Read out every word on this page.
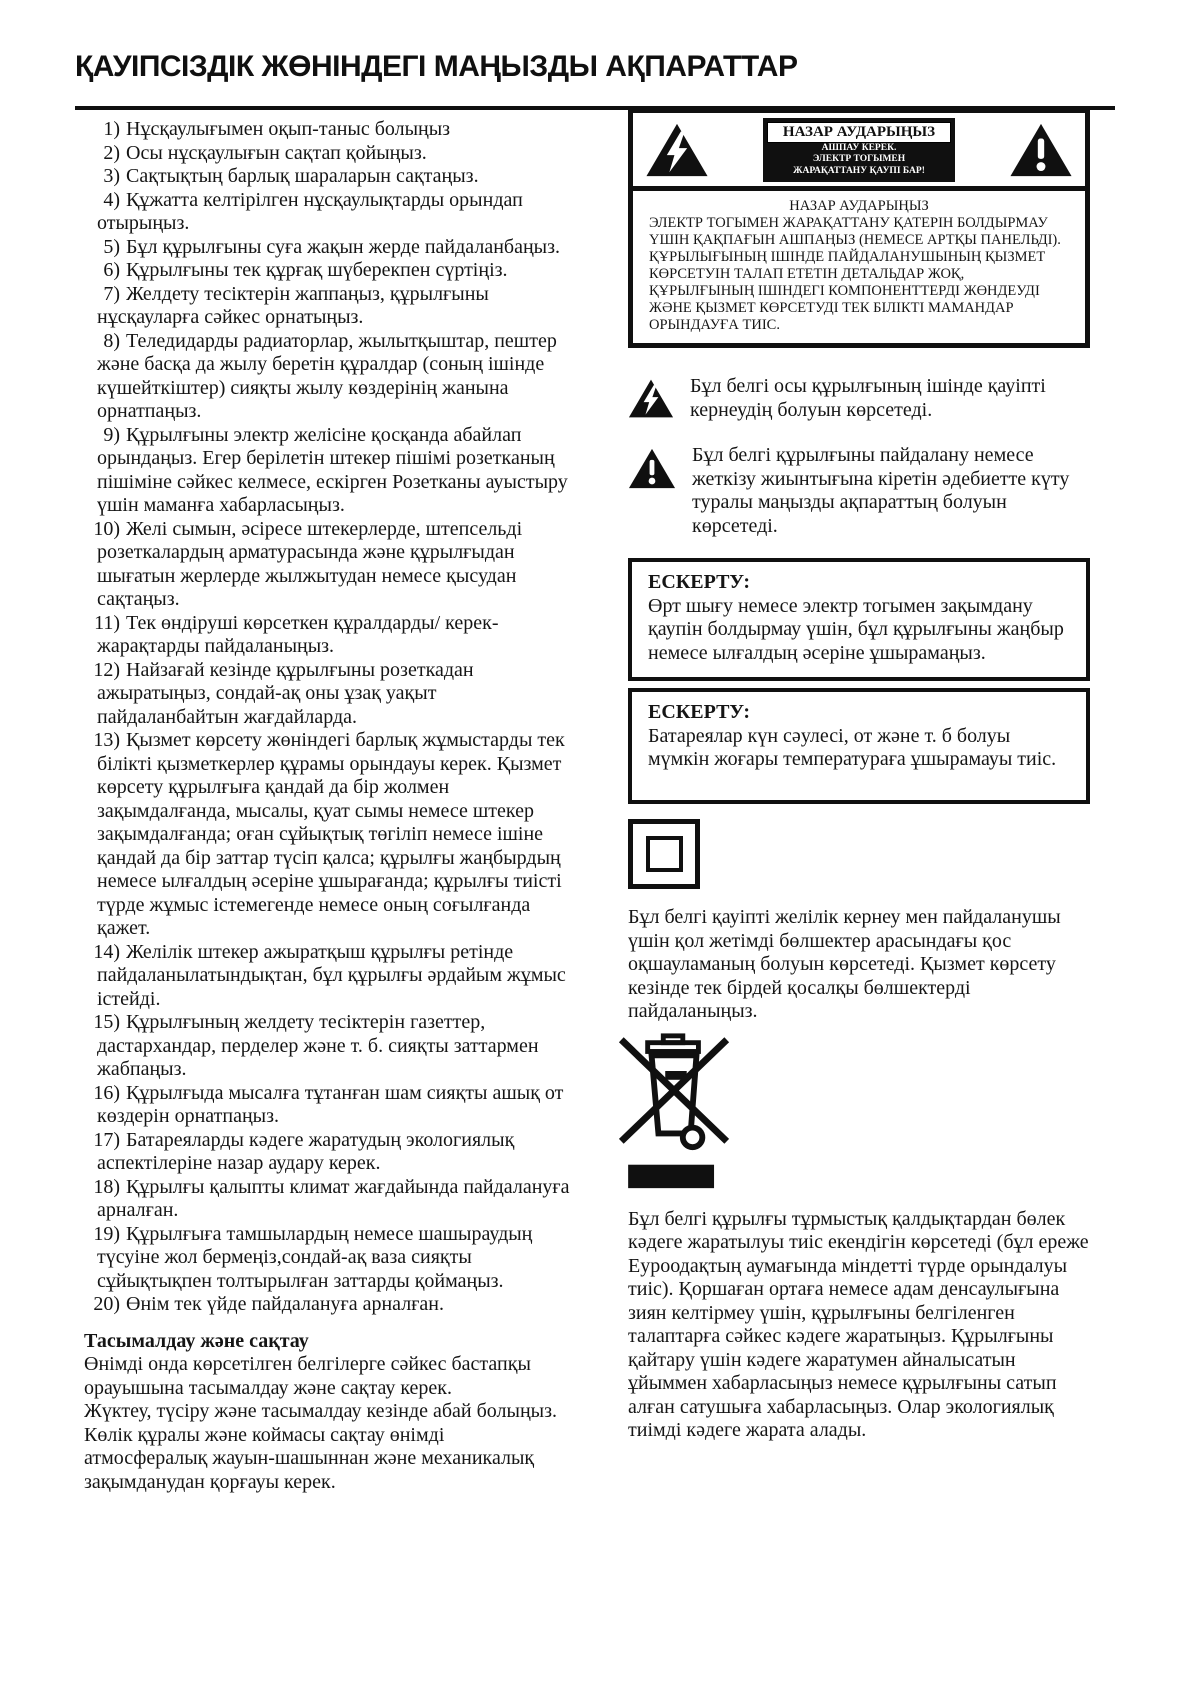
ҚАУІПСІЗДІК ЖӨНІНДЕГІ МАҢЫЗДЫ АҚПАРАТТАР
1) Нұсқаулығымен оқып-таныс болыңыз
2) Осы нұсқаулығын сақтап қойыңыз.
3) Сақтықтың барлық шараларын сақтаңыз.
4) Құжатта келтірілген нұсқаулықтарды орындап отырыңыз.
5) Бұл құрылғыны суға жақын жерде пайдаланбаңыз.
6) Құрылғыны тек құрғақ шүберекпен сүртіңіз.
7) Желдету тесіктерін жаппаңыз, құрылғыны нұсқауларға сәйкес орнатыңыз.
8) Теледидарды радиаторлар, жылытқыштар, пештер және басқа да жылу беретін құралдар (соның ішінде күшейткіштер) сияқты жылу көздерінің жанына орнатпаңыз.
9) Құрылғыны электр желісіне қосқанда абайлап орындаңыз. Егер берілетін штекер пішімі розетканың пішіміне сәйкес келмесе, ескірген Розетканы ауыстыру үшін маманға хабарласыңыз.
10) Желі сымын, әсіресе штекерлерде, штепсельді розеткалардың арматурасында және құрылғыдан шығатын жерлерде жылжытудан немесе қысудан сақтаңыз.
11) Тек өндіруші көрсеткен құралдарды/ керек-жарақтарды пайдаланыңыз.
12) Найзағай кезінде құрылғыны розеткадан ажыратыңыз, сондай-ақ оны ұзақ уақыт пайдаланбайтын жағдайларда.
13) Қызмет көрсету жөніндегі барлық жұмыстарды тек білікті қызметкерлер құрамы орындауы керек. Қызмет көрсету құрылғыға қандай да бір жолмен зақымдалғанда, мысалы, қуат сымы немесе штекер зақымдалғанда; оған сұйықтық төгіліп немесе ішіне қандай да бір заттар түсіп қалса; құрылғы жаңбырдың немесе ылғалдың әсеріне ұшырағанда; құрылғы тиісті түрде жұмыс істемегенде немесе оның соғылғанда қажет.
14) Желілік штекер ажыратқыш құрылғы ретінде пайдаланылатындықтан, бұл құрылғы әрдайым жұмыс істейді.
15) Құрылғының желдету тесіктерін газеттер, дастархандар, перделер және т. б. сияқты заттармен жабпаңыз.
16) Құрылғыда мысалға тұтанған шам сияқты ашық от көздерін орнатпаңыз.
17) Батареяларды кәдеге жаратудың экологиялық аспектілеріне назар аудару керек.
18) Құрылғы қалыпты климат жағдайында пайдалануға арналған.
19) Құрылғыға тамшылардың немесе шашыраудың түсуіне жол бермеңіз,сондай-ақ ваза сияқты сұйықтықпен толтырылған заттарды қоймаңыз.
20) Өнім тек үйде пайдалануға арналған.
Тасымалдау және сақтау

Өнімді онда көрсетілген белгілерге сәйкес бастапқы орауышына тасымалдау және сақтау керек.

Жүктеу, түсіру және тасымалдау кезінде абай болыңыз.

Көлік құралы және коймасы сақтау өнімді атмосфералық жауын-шашыннан және механикалық зақымданудан қорғауы керек.

НАЗАР АУДАРЫҢЫЗ
АШПАУ КЕРЕК.
ЭЛЕКТР ТОГЫМЕН
ЖАРАҚАТТАНУ ҚАУПІ БАР!
НАЗАР АУДАРЫҢЫЗ
ЭЛЕКТР ТОГЫМЕН ЖАРАҚАТТАНУ ҚАТЕРІН БОЛДЫРМАУ ҮШІН ҚАҚПАҒЫН АШПАҢЫЗ (НЕМЕСЕ АРТҚЫ ПАНЕЛЬДІ). ҚҰРЫЛЫҒЫНЫҢ ІШІНДЕ ПАЙДАЛАНУШЫНЫҢ ҚЫЗМЕТ КӨРСЕТУІН ТАЛАП ЕТЕТІН ДЕТАЛЬДАР ЖОҚ, ҚҰРЫЛҒЫНЫҢ ІШІНДЕГІ КОМПОНЕНТТЕРДІ ЖӨНДЕУДІ ЖӘНЕ ҚЫЗМЕТ КӨРСЕТУДІ ТЕК БІЛІКТІ МАМАНДАР ОРЫНДАУҒА ТИІС.
Бұл белгі осы құрылғының ішінде қауіпті кернеудің болуын көрсетеді.
Бұл белгі құрылғыны пайдалану немесе жеткізу жиынтығына кіретін әдебиетте күту туралы маңызды ақпараттың болуын көрсетеді.
ЕСКЕРТУ:
Өрт шығу немесе электр тогымен зақымдану қаупін болдырмау үшін, бұл құрылғыны жаңбыр немесе ылғалдың әсеріне ұшырамаңыз.
ЕСКЕРТУ:
Батареялар күн сәулесі, от және т. б болуы мүмкін жоғары температураға ұшырамауы тиіс.
Бұл белгі қауіпті желілік кернеу мен пайдаланушы үшін қол жетімді бөлшектер арасындағы қос оқшауламаның болуын көрсетеді. Қызмет көрсету кезінде тек бірдей қосалқы бөлшектерді пайдаланыңыз.
Бұл белгі құрылғы тұрмыстық қалдықтардан бөлек кәдеге жаратылуы тиіс екендігін көрсетеді (бұл ереже Еуроодақтың аумағында міндетті түрде орындалуы тиіс). Қоршаған ортаға немесе адам денсаулығына зиян келтірмеу үшін, құрылғыны белгіленген талаптарға сәйкес кәдеге жаратыңыз. Құрылғыны қайтару үшін кәдеге жаратумен айналысатын ұйыммен хабарласыңыз немесе құрылғыны сатып алған сатушыға хабарласыңыз. Олар экологиялық тиімді кәдеге жарата алады.
